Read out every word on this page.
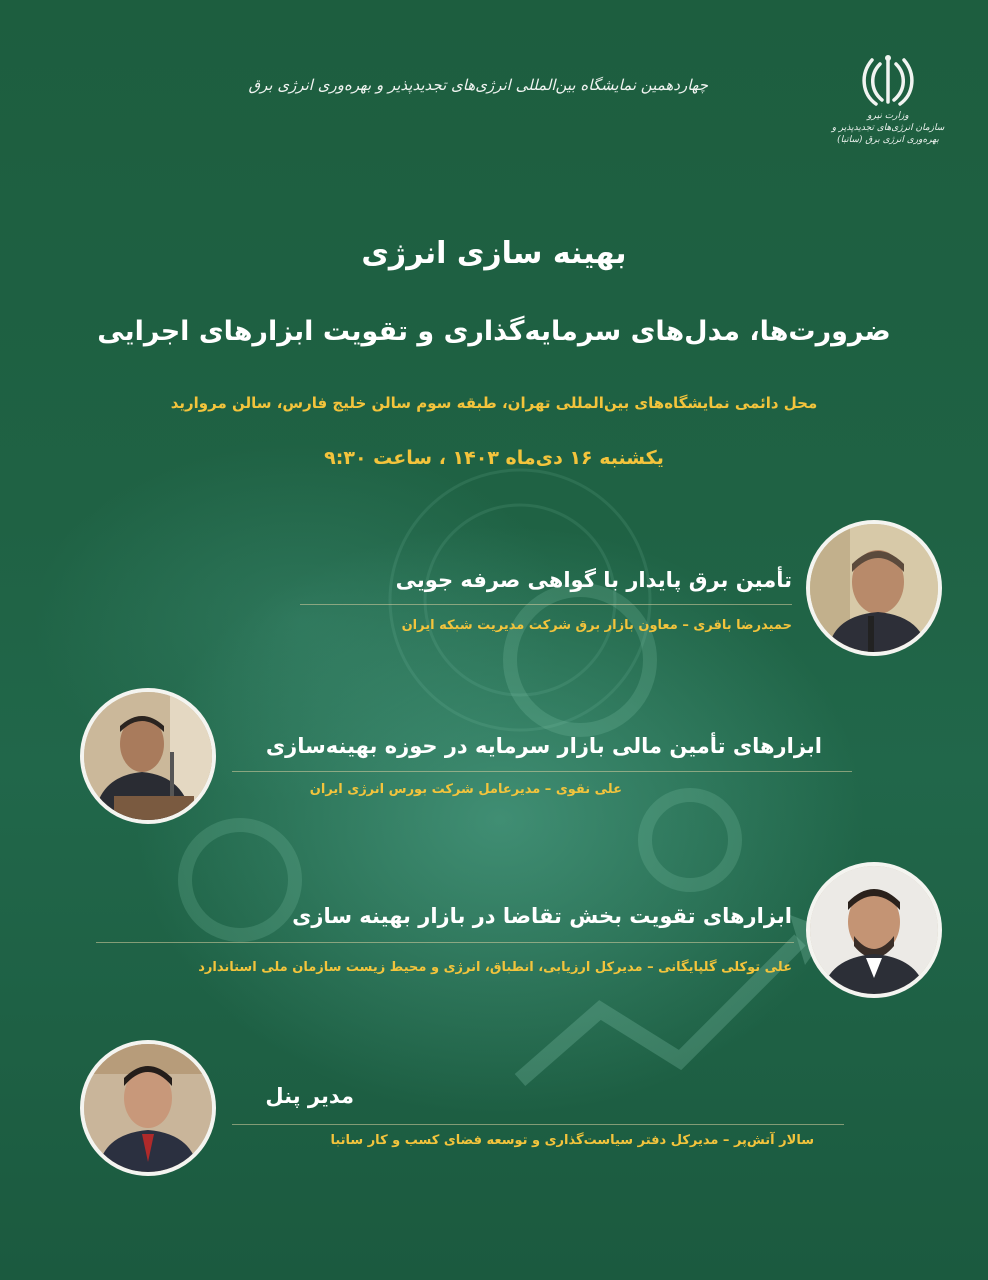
وزارت نیرو
سازمان انرژی‌های تجدیدپذیر و
بهره‌وری انرژی برق (ساتبا)
چهاردهمین نمایشگاه بین‌المللی انرژی‌های تجدیدپذیر و بهره‌وری انرژی برق
بهینه سازی انرژی
ضرورت‌ها، مدل‌های سرمایه‌گذاری و تقویت ابزارهای اجرایی
محل دائمی نمایشگاه‌های بین‌المللی تهران، طبقه سوم سالن خلیج فارس، سالن مروارید
یکشنبه ۱۶ دی‌ماه ۱۴۰۳ ، ساعت ۹:۳۰
تأمین برق پایدار با گواهی صرفه جویی
حمیدرضا باقری – معاون بازار برق شرکت مدیریت شبکه ایران
ابزارهای تأمین مالی بازار سرمایه در حوزه بهینه‌سازی
علی نقوی – مدیرعامل شرکت بورس انرژی ایران
ابزارهای تقویت بخش تقاضا در بازار بهینه سازی
علی توکلی گلپایگانی – مدیرکل ارزیابی، انطباق، انرژی و محیط زیست سازمان ملی استاندارد
مدیر پنل
سالار آتش‌پر – مدیرکل دفتر سیاست‌گذاری و توسعه فضای کسب و کار ساتبا
